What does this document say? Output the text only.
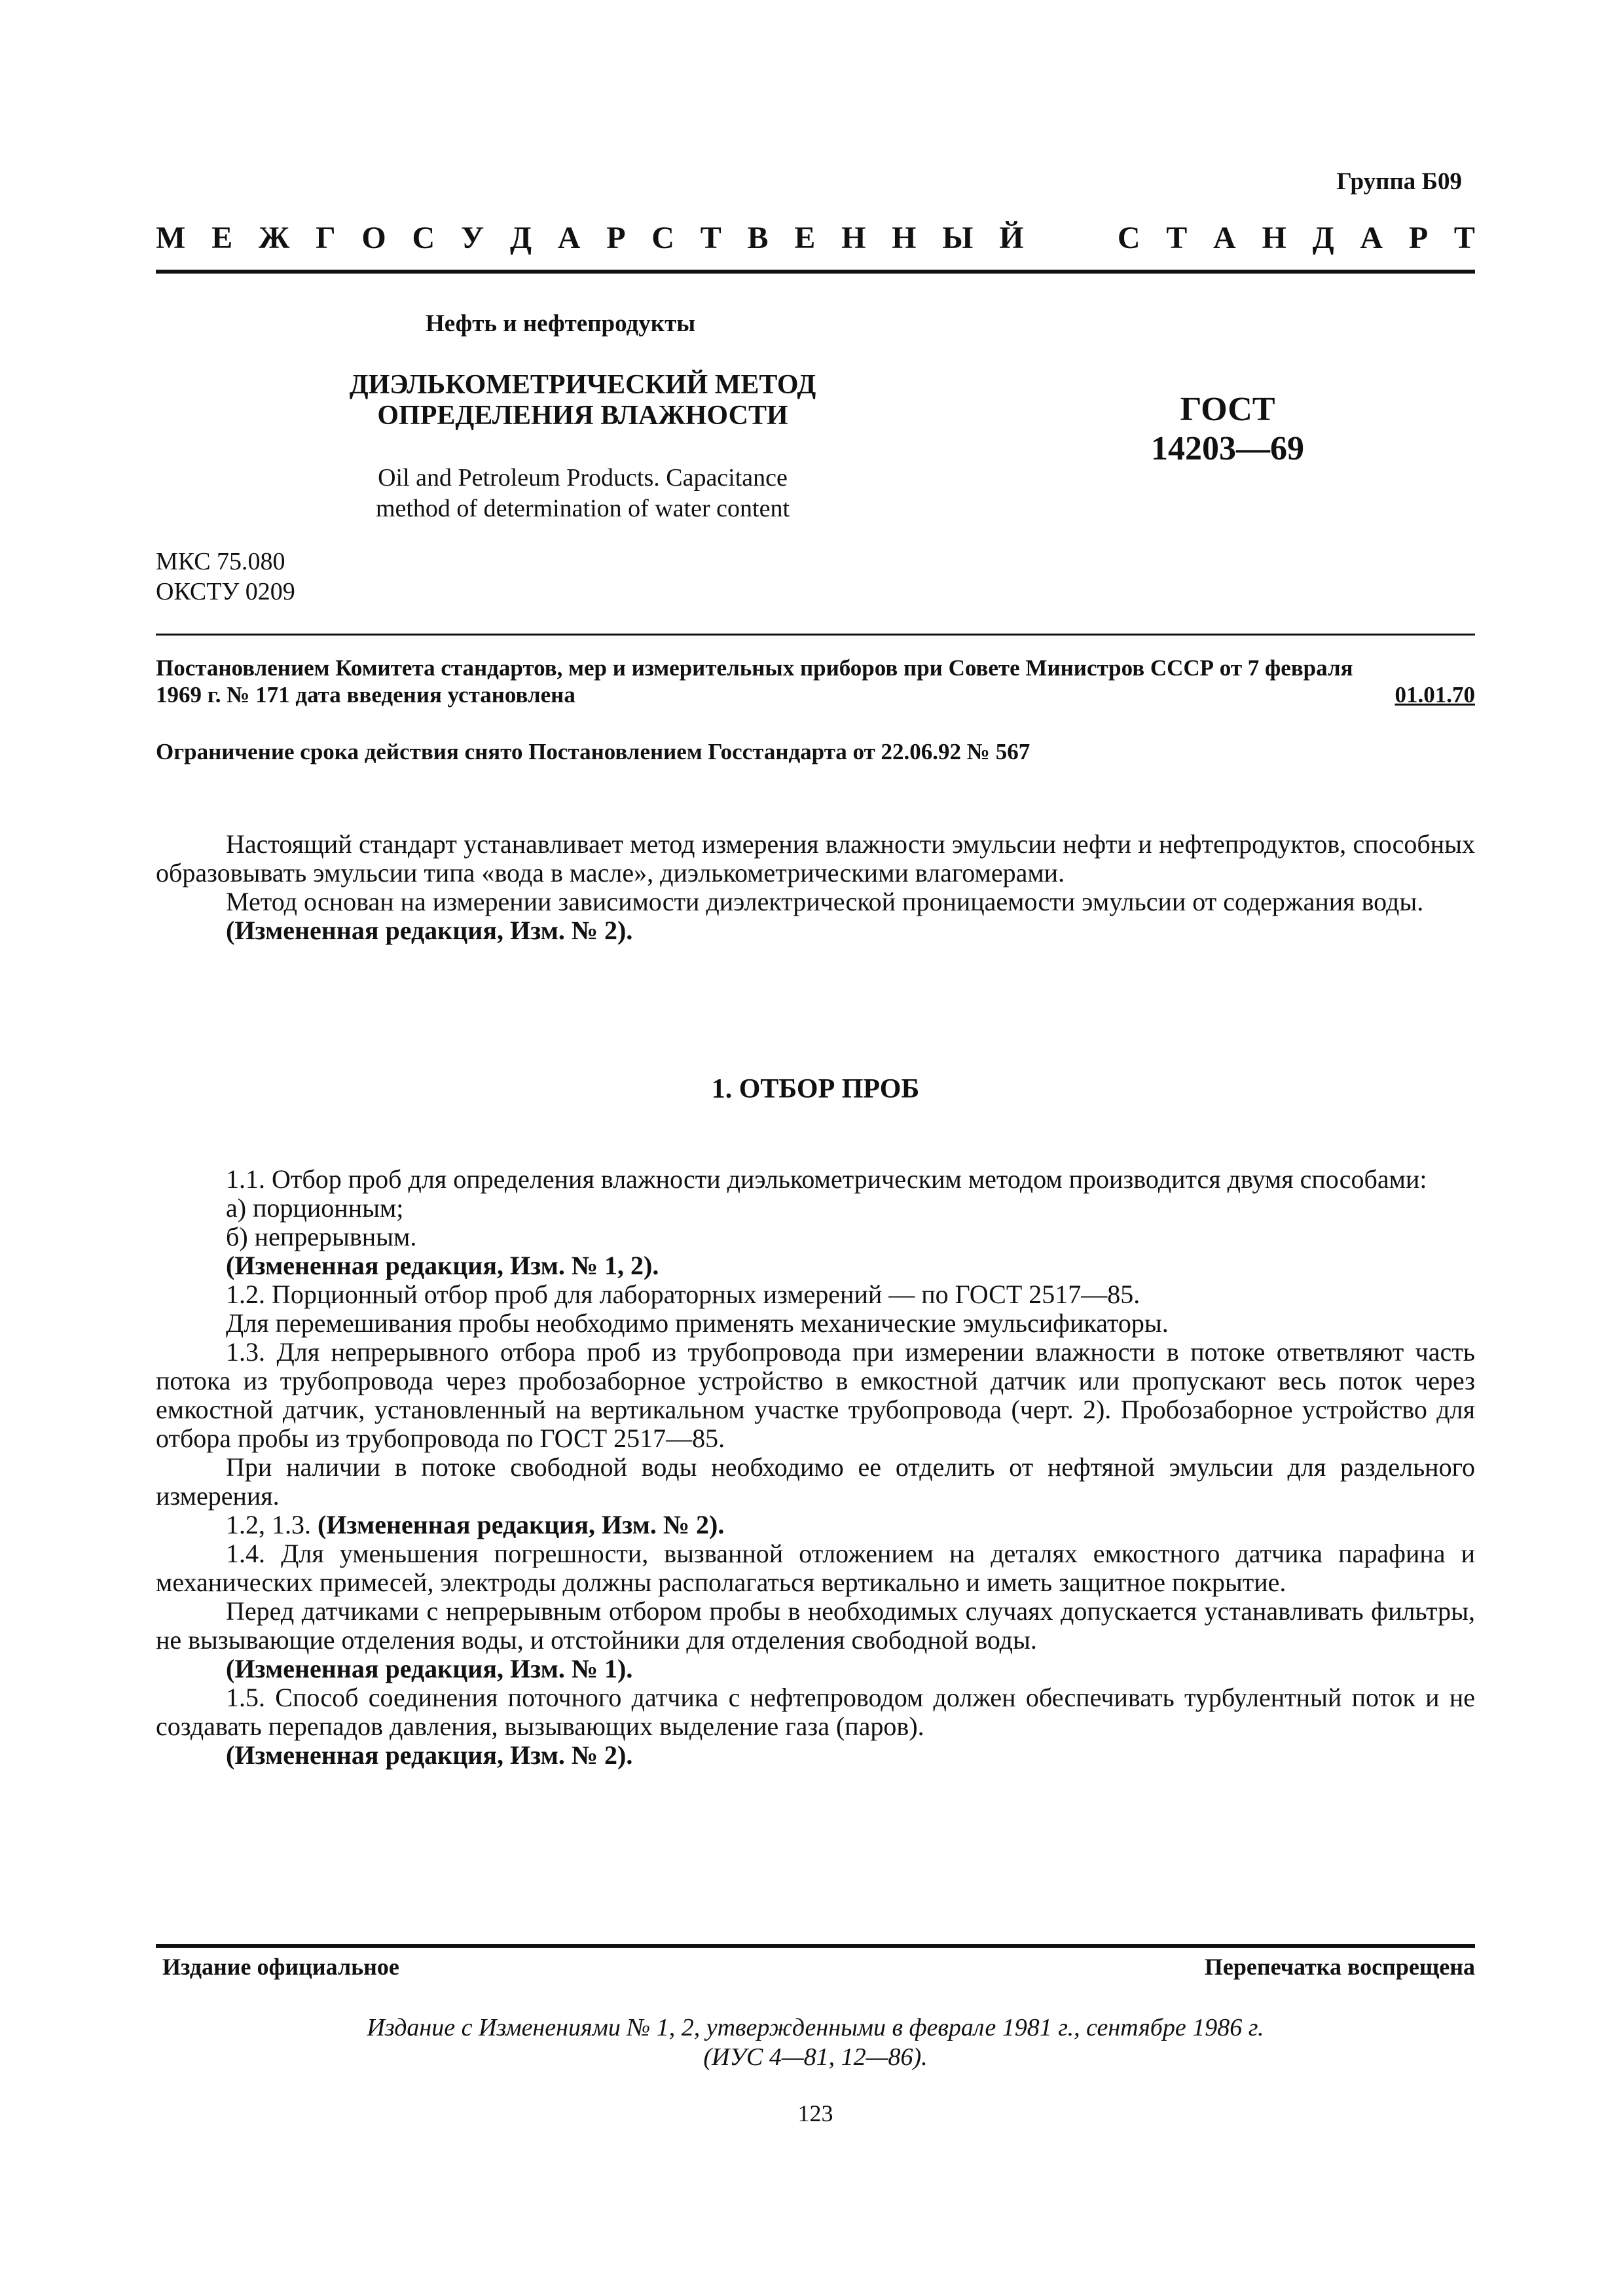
Группа Б09
М Е Ж Г О С У Д А Р С Т В Е Н Н Ы Й

	С Т А Н Д А Р Т
Нефть и нефтепродукты
ДИЭЛЬКОМЕТРИЧЕСКИЙ МЕТОД
ОПРЕДЕЛЕНИЯ ВЛАЖНОСТИ
Oil and Petroleum Products. Capacitance
method of determination of water content
ГОСТ
14203—69
МКС 75.080
ОКСТУ 0209
Постановлением Комитета стандартов, мер и измерительных приборов при Совете Министров СССР от 7 февраля
1969 г. № 171 дата введения установлена	01.01.70
Ограничение срока действия снято Постановлением Госстандарта от 22.06.92 № 567

Настоящий стандарт устанавливает метод измерения влажности эмульсии нефти и нефтепродуктов, способных образовывать эмульсии типа «вода в масле», диэлькометрическими влагомерами.

Метод основан на измерении зависимости диэлектрической проницаемости эмульсии от содержания воды.

(Измененная редакция, Изм. № 2).

1. ОТБОР ПРОБ

1.1. Отбор проб для определения влажности диэлькометрическим методом производится двумя способами:

а) порционным;

б) непрерывным.

(Измененная редакция, Изм. № 1, 2).

1.2. Порционный отбор проб для лабораторных измерений — по ГОСТ 2517—85.

Для перемешивания пробы необходимо применять механические эмульсификаторы.

1.3. Для непрерывного отбора проб из трубопровода при измерении влажности в потоке ответвляют часть потока из трубопровода через пробозаборное устройство в емкостной датчик или пропускают весь поток через емкостной датчик, установленный на вертикальном участке трубопровода (черт. 2). Пробозаборное устройство для отбора пробы из трубопровода по ГОСТ 2517—85.

При наличии в потоке свободной воды необходимо ее отделить от нефтяной эмульсии для раздельного измерения.

1.2, 1.3. (Измененная редакция, Изм. № 2).

1.4. Для уменьшения погрешности, вызванной отложением на деталях емкостного датчика парафина и механических примесей, электроды должны располагаться вертикально и иметь защитное покрытие.

Перед датчиками с непрерывным отбором пробы в необходимых случаях допускается устанавливать фильтры, не вызывающие отделения воды, и отстойники для отделения свободной воды.

(Измененная редакция, Изм. № 1).

1.5. Способ соединения поточного датчика с нефтепроводом должен обеспечивать турбулентный поток и не создавать перепадов давления, вызывающих выделение газа (паров).

(Измененная редакция, Изм. № 2).

Издание официальное	Перепечатка воспрещена
Издание с Изменениями № 1, 2, утвержденными в феврале 1981 г., сентябре 1986 г.
(ИУС 4—81, 12—86).
123
